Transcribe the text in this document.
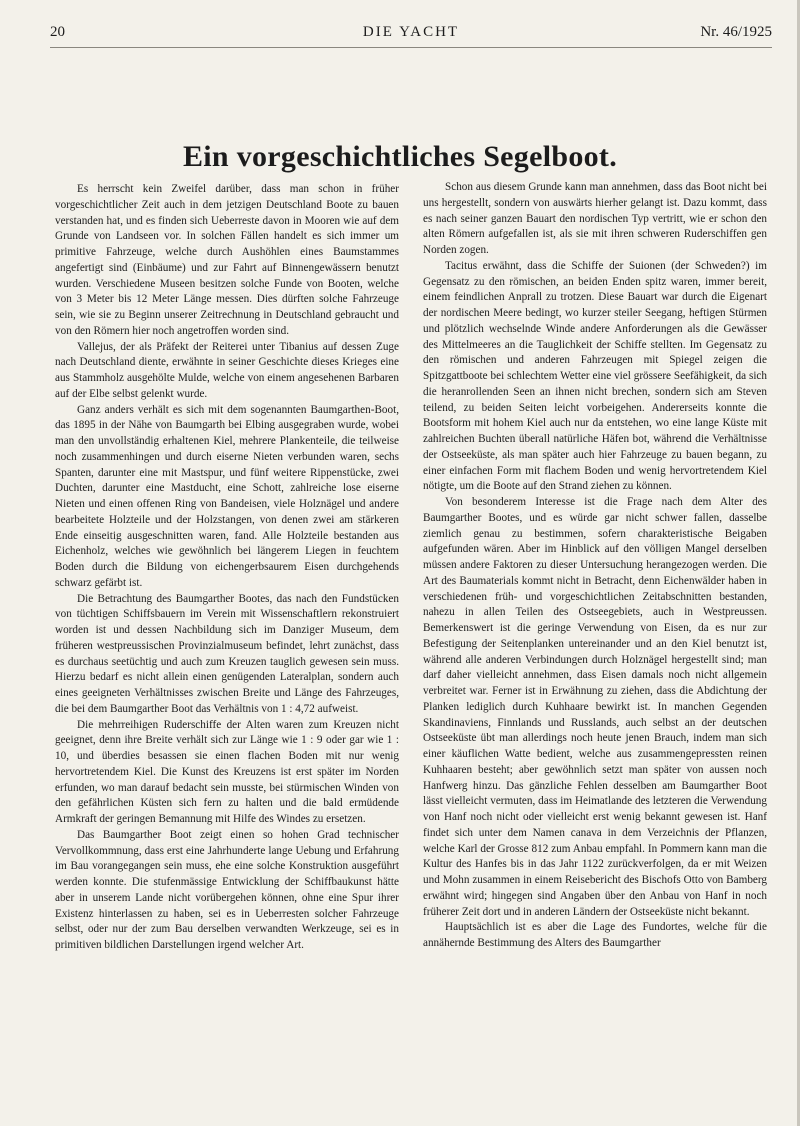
20	DIE YACHT	Nr. 46/1925
Ein vorgeschichtliches Segelboot.

Es herrscht kein Zweifel darüber, dass man schon in früher vorgeschichtlicher Zeit auch in dem jetzigen Deutschland Boote zu bauen verstanden hat, und es finden sich Ueberreste davon in Mooren wie auf dem Grunde von Landseen vor. In solchen Fällen handelt es sich immer um primitive Fahrzeuge, welche durch Aushöhlen eines Baumstammes angefertigt sind (Einbäume) und zur Fahrt auf Binnengewässern benutzt wurden. Verschiedene Museen besitzen solche Funde von Booten, welche von 3 Meter bis 12 Meter Länge messen. Dies dürften solche Fahrzeuge sein, wie sie zu Beginn unserer Zeitrechnung in Deutschland gebraucht und von den Römern hier noch angetroffen worden sind.

Vallejus, der als Präfekt der Reiterei unter Tibanius auf dessen Zuge nach Deutschland diente, erwähnte in seiner Geschichte dieses Krieges eine aus Stammholz ausgehölte Mulde, welche von einem angesehenen Barbaren auf der Elbe selbst gelenkt wurde.

Ganz anders verhält es sich mit dem sogenannten Baumgarthen-Boot, das 1895 in der Nähe von Baumgarth bei Elbing ausgegraben wurde, wobei man den unvollständig erhaltenen Kiel, mehrere Plankenteile, die teilweise noch zusammenhingen und durch eiserne Nieten verbunden waren, sechs Spanten, darunter eine mit Mastspur, und fünf weitere Rippenstücke, zwei Duchten, darunter eine Mastducht, eine Schott, zahlreiche lose eiserne Nieten und einen offenen Ring von Bandeisen, viele Holznägel und andere bearbeitete Holzteile und der Holzstangen, von denen zwei am stärkeren Ende einseitig ausgeschnitten waren, fand. Alle Holzteile bestanden aus Eichenholz, welches wie gewöhnlich bei längerem Liegen in feuchtem Boden durch die Bildung von eichengerbsaurem Eisen durchgehends schwarz gefärbt ist.

Die Betrachtung des Baumgarther Bootes, das nach den Fundstücken von tüchtigen Schiffsbauern im Verein mit Wissenschaftlern rekonstruiert worden ist und dessen Nachbildung sich im Danziger Museum, dem früheren westpreussischen Provinzialmuseum befindet, lehrt zunächst, dass es durchaus seetüchtig und auch zum Kreuzen tauglich gewesen sein muss. Hierzu bedarf es nicht allein einen genügenden Lateralplan, sondern auch eines geeigneten Verhältnisses zwischen Breite und Länge des Fahrzeuges, die bei dem Baumgarther Boot das Verhältnis von 1 : 4,72 aufweist.

Die mehrreihigen Ruderschiffe der Alten waren zum Kreuzen nicht geeignet, denn ihre Breite verhält sich zur Länge wie 1 : 9 oder gar wie 1 : 10, und überdies besassen sie einen flachen Boden mit nur wenig hervortretendem Kiel. Die Kunst des Kreuzens ist erst später im Norden erfunden, wo man darauf bedacht sein musste, bei stürmischen Winden von den gefährlichen Küsten sich fern zu halten und die bald ermüdende Armkraft der geringen Bemannung mit Hilfe des Windes zu ersetzen.

Das Baumgarther Boot zeigt einen so hohen Grad technischer Vervollkommnung, dass erst eine Jahrhunderte lange Uebung und Erfahrung im Bau vorangegangen sein muss, ehe eine solche Konstruktion ausgeführt werden konnte. Die stufenmässige Entwicklung der Schiffbaukunst hätte aber in unserem Lande nicht vorübergehen können, ohne eine Spur ihrer Existenz hinterlassen zu haben, sei es in Ueberresten solcher Fahrzeuge selbst, oder nur der zum Bau derselben verwandten Werkzeuge, sei es in primitiven bildlichen Darstellungen irgend welcher Art.

Schon aus diesem Grunde kann man annehmen, dass das Boot nicht bei uns hergestellt, sondern von auswärts hierher gelangt ist. Dazu kommt, dass es nach seiner ganzen Bauart den nordischen Typ vertritt, wie er schon den alten Römern aufgefallen ist, als sie mit ihren schweren Ruderschiffen gen Norden zogen.

Tacitus erwähnt, dass die Schiffe der Suionen (der Schweden?) im Gegensatz zu den römischen, an beiden Enden spitz waren, immer bereit, einem feindlichen Anprall zu trotzen. Diese Bauart war durch die Eigenart der nordischen Meere bedingt, wo kurzer steiler Seegang, heftigen Stürmen und plötzlich wechselnde Winde andere Anforderungen als die Gewässer des Mittelmeeres an die Tauglichkeit der Schiffe stellten. Im Gegensatz zu den römischen und anderen Fahrzeugen mit Spiegel zeigen die Spitzgattboote bei schlechtem Wetter eine viel grössere Seefähigkeit, da sich die heranrollenden Seen an ihnen nicht brechen, sondern sich am Steven teilend, zu beiden Seiten leicht vorbeigehen. Andererseits konnte die Bootsform mit hohem Kiel auch nur da entstehen, wo eine lange Küste mit zahlreichen Buchten überall natürliche Häfen bot, während die Verhältnisse der Ostseeküste, als man später auch hier Fahrzeuge zu bauen begann, zu einer einfachen Form mit flachem Boden und wenig hervortretendem Kiel nötigte, um die Boote auf den Strand ziehen zu können.

Von besonderem Interesse ist die Frage nach dem Alter des Baumgarther Bootes, und es würde gar nicht schwer fallen, dasselbe ziemlich genau zu bestimmen, sofern charakteristische Beigaben aufgefunden wären. Aber im Hinblick auf den völligen Mangel derselben müssen andere Faktoren zu dieser Untersuchung herangezogen werden. Die Art des Baumaterials kommt nicht in Betracht, denn Eichenwälder haben in verschiedenen früh- und vorgeschichtlichen Zeitabschnitten bestanden, nahezu in allen Teilen des Ostseegebiets, auch in Westpreussen. Bemerkenswert ist die geringe Verwendung von Eisen, da es nur zur Befestigung der Seitenplanken untereinander und an den Kiel benutzt ist, während alle anderen Verbindungen durch Holznägel hergestellt sind; man darf daher vielleicht annehmen, dass Eisen damals noch nicht allgemein verbreitet war. Ferner ist in Erwähnung zu ziehen, dass die Abdichtung der Planken lediglich durch Kuhhaare bewirkt ist. In manchen Gegenden Skandinaviens, Finnlands und Russlands, auch selbst an der deutschen Ostseeküste übt man allerdings noch heute jenen Brauch, indem man sich einer käuflichen Watte bedient, welche aus zusammengepressten reinen Kuhhaaren besteht; aber gewöhnlich setzt man später von aussen noch Hanfwerg hinzu. Das gänzliche Fehlen desselben am Baumgarther Boot lässt vielleicht vermuten, dass im Heimatlande des letzteren die Verwendung von Hanf noch nicht oder vielleicht erst wenig bekannt gewesen ist. Hanf findet sich unter dem Namen canava in dem Verzeichnis der Pflanzen, welche Karl der Grosse 812 zum Anbau empfahl. In Pommern kann man die Kultur des Hanfes bis in das Jahr 1122 zurückverfolgen, da er mit Weizen und Mohn zusammen in einem Reisebericht des Bischofs Otto von Bamberg erwähnt wird; hingegen sind Angaben über den Anbau von Hanf in noch früherer Zeit dort und in anderen Ländern der Ostseeküste nicht bekannt.

Hauptsächlich ist es aber die Lage des Fundortes, welche für die annähernde Bestimmung des Alters des Baumgarther
